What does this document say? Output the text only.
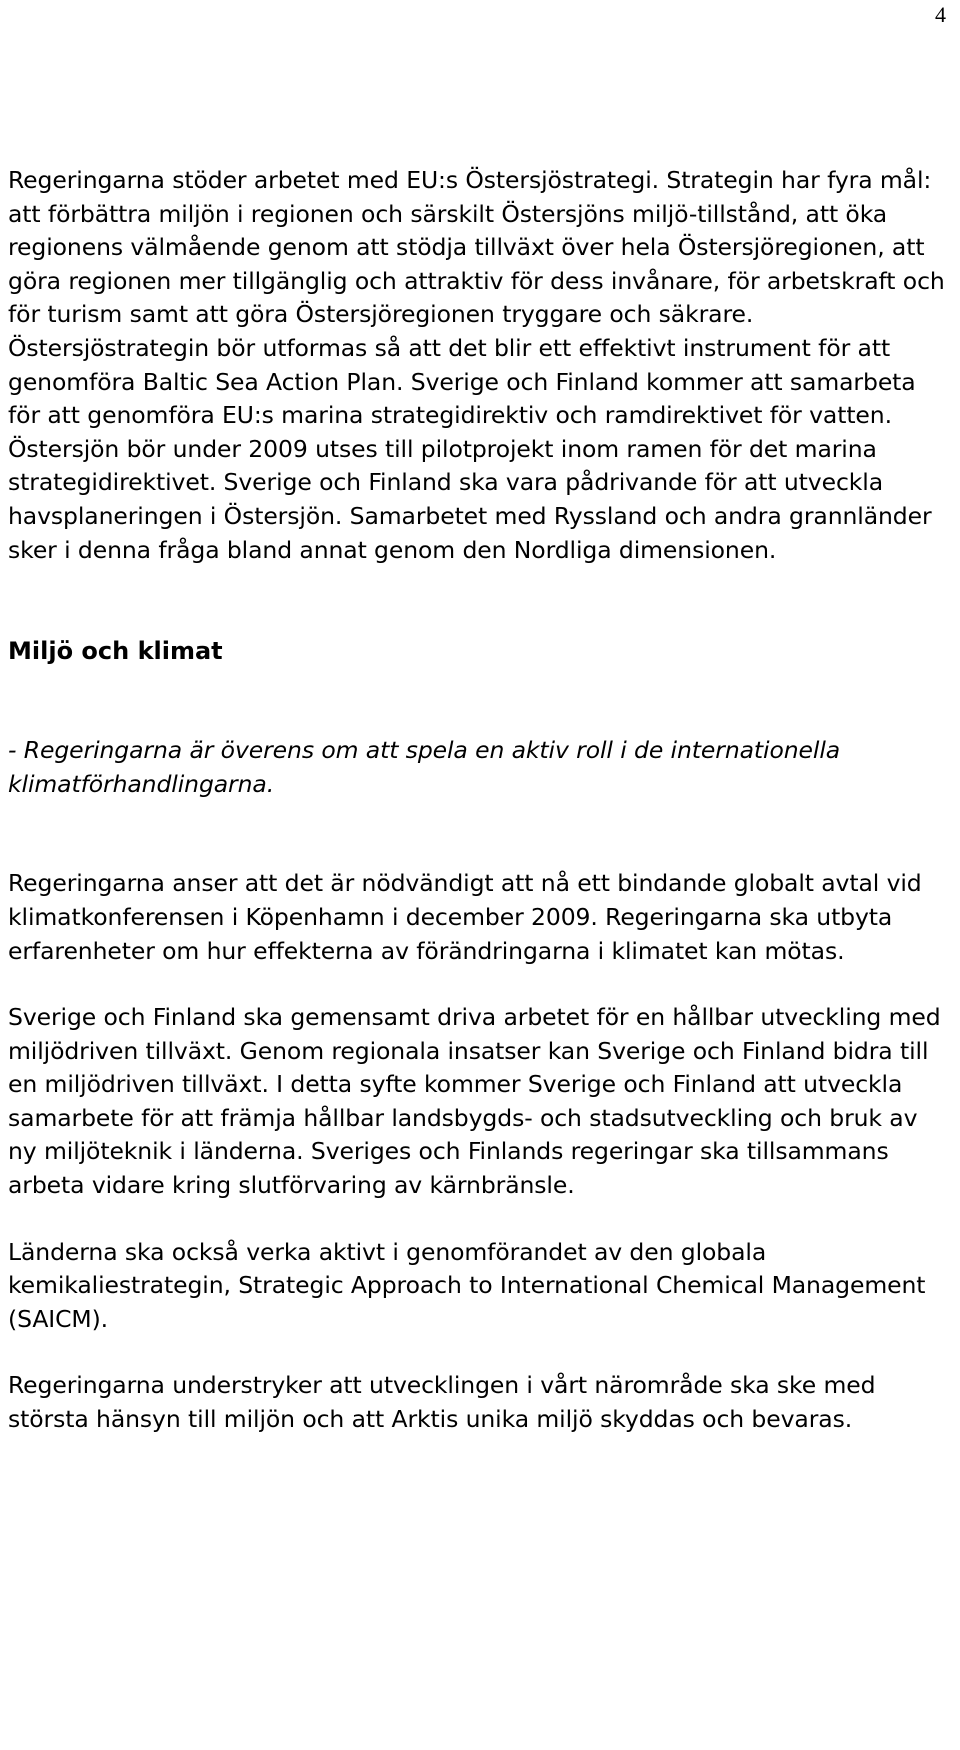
4

Regeringarna stöder arbetet med EU:s Östersjöstrategi. Strategin har fyra mål: att förbättra miljön i regionen och särskilt Östersjöns miljö-tillstånd, att öka regionens välmående genom att stödja tillväxt över hela Östersjöregionen, att göra regionen mer tillgänglig och attraktiv för dess invånare, för arbetskraft och för turism samt att göra Östersjöregionen tryggare och säkrare. Östersjöstrategin bör utformas så att det blir ett effektivt instrument för att genomföra Baltic Sea Action Plan. Sverige och Finland kommer att samarbeta för att genomföra EU:s marina strategidirektiv och ramdirektivet för vatten. Östersjön bör under 2009 utses till pilotprojekt inom ramen för det marina strategidirektivet. Sverige och Finland ska vara pådrivande för att utveckla havsplaneringen i Östersjön. Samarbetet med Ryssland och andra grannländer sker i denna fråga bland annat genom den Nordliga dimensionen.

Miljö och klimat

- Regeringarna är överens om att spela en aktiv roll i de internationella klimatförhandlingarna.

Regeringarna anser att det är nödvändigt att nå ett bindande globalt avtal vid klimatkonferensen i Köpenhamn i december 2009. Regeringarna ska utbyta erfarenheter om hur effekterna av förändringarna i klimatet kan mötas.

Sverige och Finland ska gemensamt driva arbetet för en hållbar utveckling med miljödriven tillväxt. Genom regionala insatser kan Sverige och Finland bidra till en miljödriven tillväxt. I detta syfte kommer Sverige och Finland att utveckla samarbete för att främja hållbar landsbygds- och stadsutveckling och bruk av ny miljöteknik i länderna. Sveriges och Finlands regeringar ska tillsammans arbeta vidare kring slutförvaring av kärnbränsle.

Länderna ska också verka aktivt i genomförandet av den globala kemikaliestrategin, Strategic Approach to International Chemical Management (SAICM).

Regeringarna understryker att utvecklingen i vårt närområde ska ske med största hänsyn till miljön och att Arktis unika miljö skyddas och bevaras.
